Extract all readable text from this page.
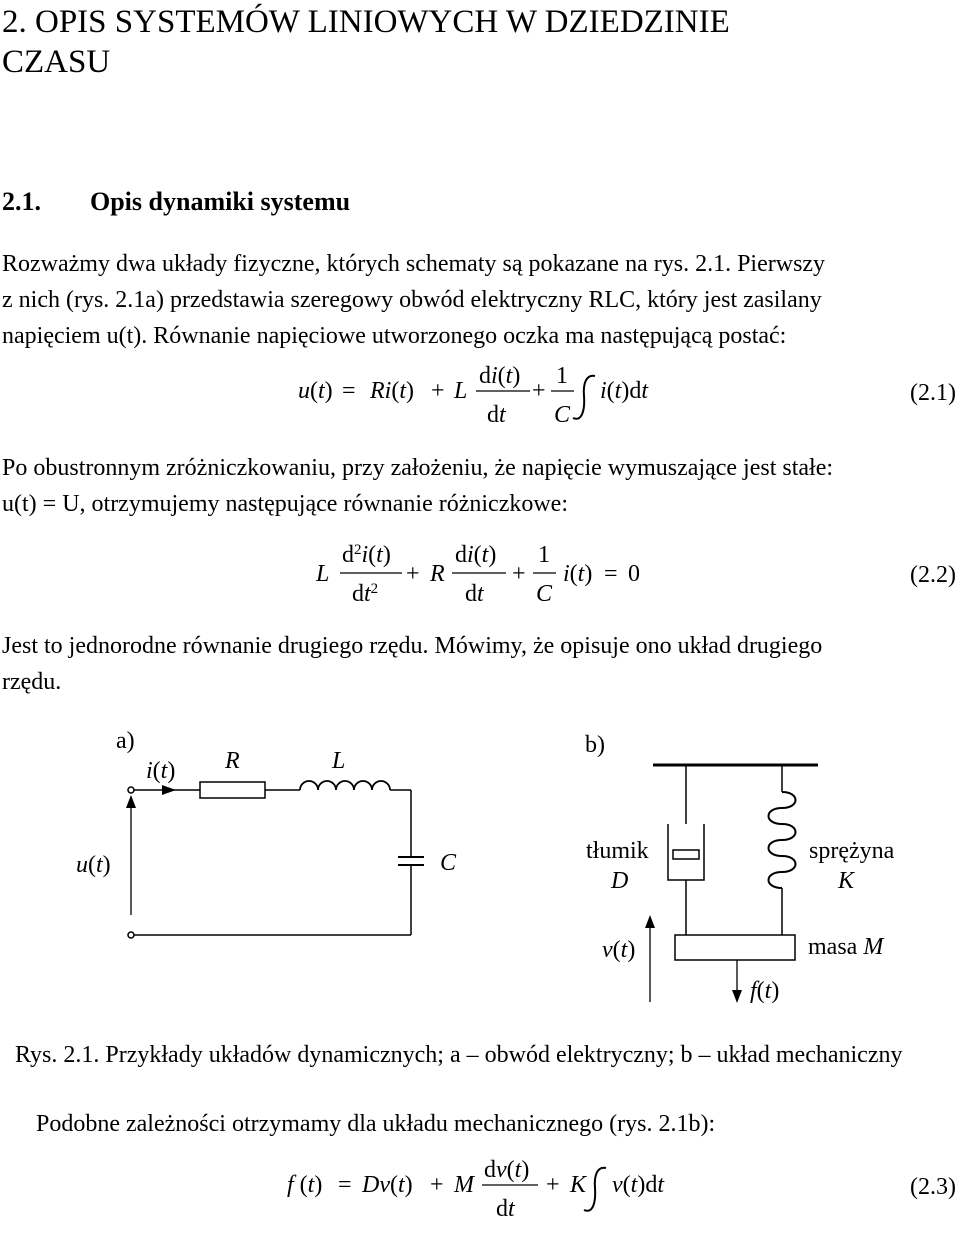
2. OPIS SYSTEMÓW LINIOWYCH W DZIEDZINIE
CZASU
2.1. Opis dynamiki systemu
Rozważmy dwa układy fizyczne, których schematy są pokazane na rys. 2.1. Pierwszy
z nich (rys. 2.1a) przedstawia szeregowy obwód elektryczny RLC, który jest zasilany
napięciem u(t). Równanie napięciowe utworzonego oczka ma następującą postać:
u(t) = Ri(t) + L
di(t)
dt
+
1
C
i(t)dt	(2.1)
Po obustronnym zróżniczkowaniu, przy założeniu, że napięcie wymuszające jest stałe:
u(t) = U, otrzymujemy następujące równanie różniczkowe:
L
$d^2i(t)$
$dt^2$
+ R
di(t)
dt
+
1
C
i(t) = 0	(2.2)
Jest to jednorodne równanie drugiego rzędu. Mówimy, że opisuje ono układ drugiego
rzędu.
a)
i(t) R	L
u(t)	C
b)
tłumik
D
sprężyna
K
masa M
v(t)
f(t)
Rys. 2.1. Przykłady układów dynamicznych; a – obwód elektryczny; b – układ mechaniczny
Podobne zależności otrzymamy dla układu mechanicznego (rys. 2.1b):
f (t) = Dv(t) + M
dv(t)
dt
+ K v(t)dt	(2.3)
